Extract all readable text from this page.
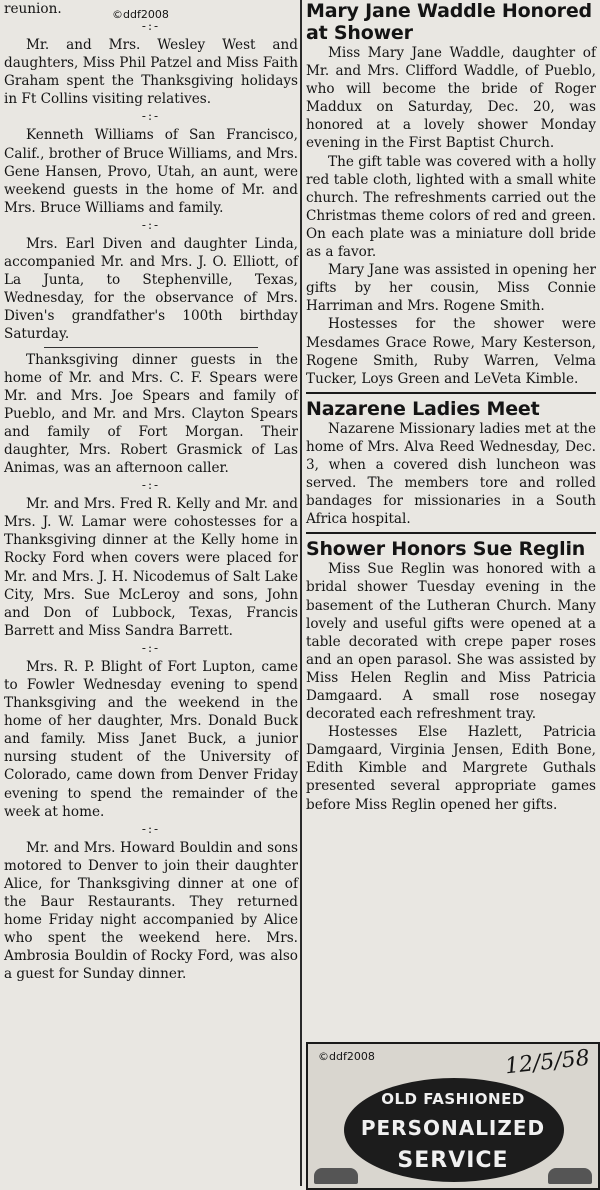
reunion.

-:-

Mr. and Mrs. Wesley West and daughters, Miss Phil Patzel and Miss Faith Graham spent the Thanksgiving holidays in Ft Collins visiting relatives.

-:-

Kenneth Williams of San Francisco, Calif., brother of Bruce Williams, and Mrs. Gene Hansen, Provo, Utah, an aunt, were weekend guests in the home of Mr. and Mrs. Bruce Williams and family.

-:-

Mrs. Earl Diven and daughter Linda, accompanied Mr. and Mrs. J. O. Elliott, of La Junta, to Stephenville, Texas, Wednesday, for the observance of Mrs. Diven's grandfather's 100th birthday Saturday.

Thanksgiving dinner guests in the home of Mr. and Mrs. C. F. Spears were Mr. and Mrs. Joe Spears and family of Pueblo, and Mr. and Mrs. Clayton Spears and family of Fort Morgan. Their daughter, Mrs. Robert Grasmick of Las Animas, was an afternoon caller.

-:-

Mr. and Mrs. Fred R. Kelly and Mr. and Mrs. J. W. Lamar were cohostesses for a Thanksgiving dinner at the Kelly home in Rocky Ford when covers were placed for Mr. and Mrs. J. H. Nicodemus of Salt Lake City, Mrs. Sue McLeroy and sons, John and Don of Lubbock, Texas, Francis Barrett and Miss Sandra Barrett.

-:-

Mrs. R. P. Blight of Fort Lupton, came to Fowler Wednesday evening to spend Thanksgiving and the weekend in the home of her daughter, Mrs. Donald Buck and family. Miss Janet Buck, a junior nursing student of the University of Colorado, came down from Denver Friday evening to spend the remainder of the week at home.

-:-

Mr. and Mrs. Howard Bouldin and sons motored to Denver to join their daughter Alice, for Thanksgiving dinner at one of the Baur Restaurants. They returned home Friday night accompanied by Alice who spent the weekend here. Mrs. Ambrosia Bouldin of Rocky Ford, was also a guest for Sunday dinner.

Mary Jane Waddle Honored at Shower

Miss Mary Jane Waddle, daughter of Mr. and Mrs. Clifford Waddle, of Pueblo, who will become the bride of Roger Maddux on Saturday, Dec. 20, was honored at a lovely shower Monday evening in the First Baptist Church.

The gift table was covered with a holly red table cloth, lighted with a small white church. The refreshments carried out the Christmas theme colors of red and green. On each plate was a miniature doll bride as a favor.

Mary Jane was assisted in opening her gifts by her cousin, Miss Connie Harriman and Mrs. Rogene Smith.

Hostesses for the shower were Mesdames Grace Rowe, Mary Kesterson, Rogene Smith, Ruby Warren, Velma Tucker, Loys Green and LeVeta Kimble.

Nazarene Ladies Meet

Nazarene Missionary ladies met at the home of Mrs. Alva Reed Wednesday, Dec. 3, when a covered dish luncheon was served. The members tore and rolled bandages for missionaries in a South Africa hospital.

Shower Honors Sue Reglin

Miss Sue Reglin was honored with a bridal shower Tuesday evening in the basement of the Lutheran Church. Many lovely and useful gifts were opened at a table decorated with crepe paper roses and an open parasol. She was assisted by Miss Helen Reglin and Miss Patricia Damgaard. A small rose nosegay decorated each refreshment tray.

Hostesses Else Hazlett, Patricia Damgaard, Virginia Jensen, Edith Bone, Edith Kimble and Margrete Guthals presented several appropriate games before Miss Reglin opened her gifts.

12/5/58
OLD FASHIONED
PERSONALIZED
SERVICE
©ddf2008
©ddf2008
